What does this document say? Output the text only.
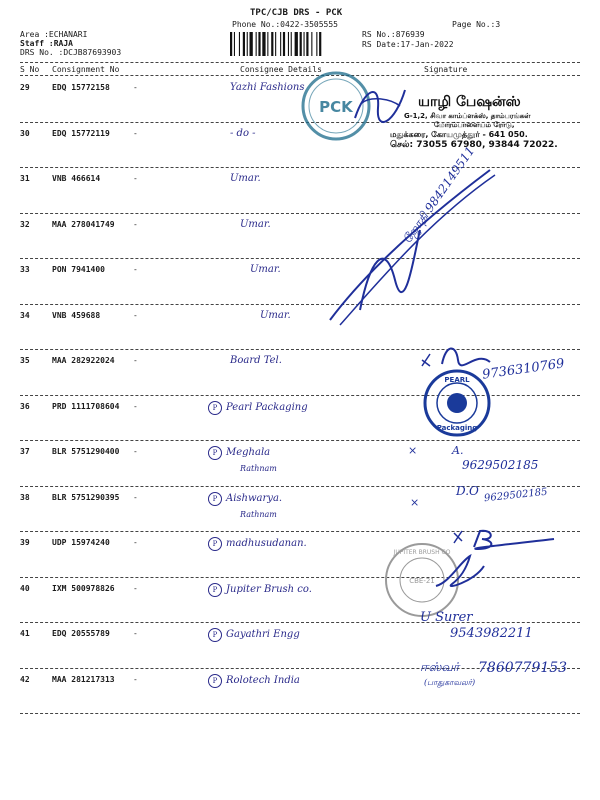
TPC/CJB DRS - PCK
Phone No.:0422-3505555	Page No.:3
Area :ECHANARI
Staff :RAJA
DRS No. :DCJB87693903
RS No.:876939
RS Date:17-Jan-2022
S No Consignment No	Consignee Details	Signature
29	EDQ 15772158	-	Yazhi Fashions
30	EDQ 15772119	-	- do -
31	VNB 466614	-	Umar.
32	MAA 278041749 -	Umar.
33	PON 7941400	-	Umar.
34	VNB 459688	-	Umar.
35	MAA 282922024 -	Board Tel.
36	PRD 1111708604 -	P Pearl Packaging
37	BLR 5751290400 -	P Meghala
Rathnam
38	BLR 5751290395 -	P Aishwarya.
Rathnam
39	UDP 15974240	-	P madhusudanan.
40	IXM 500978826 -	P Jupiter Brush co.
41	EDQ 20555789	-	P Gayathri Engg
42	MAA 281217313 -	P Rolotech India
PCK	யாழி பேஷன்ஸ்
G-1,2, சிவா காம்ப்ளக்ஸ், தாம்பரங்கள்
மோரம்பாளையம் ரோடு,
மதுக்கரை, கோயமுத்தூர் - 641 050.
செல்: 73055 67980, 93844 72022.
ஜோதி 9842149511
9736310769
PEARL
Packaging
A.
9629502185
D.O 9629502185
×
×
JUPITER BRUSH CO
CBE-21
U Surer
9543982211
ஈஸ்வர் 7860779153
(பாதுகாவலர்)
